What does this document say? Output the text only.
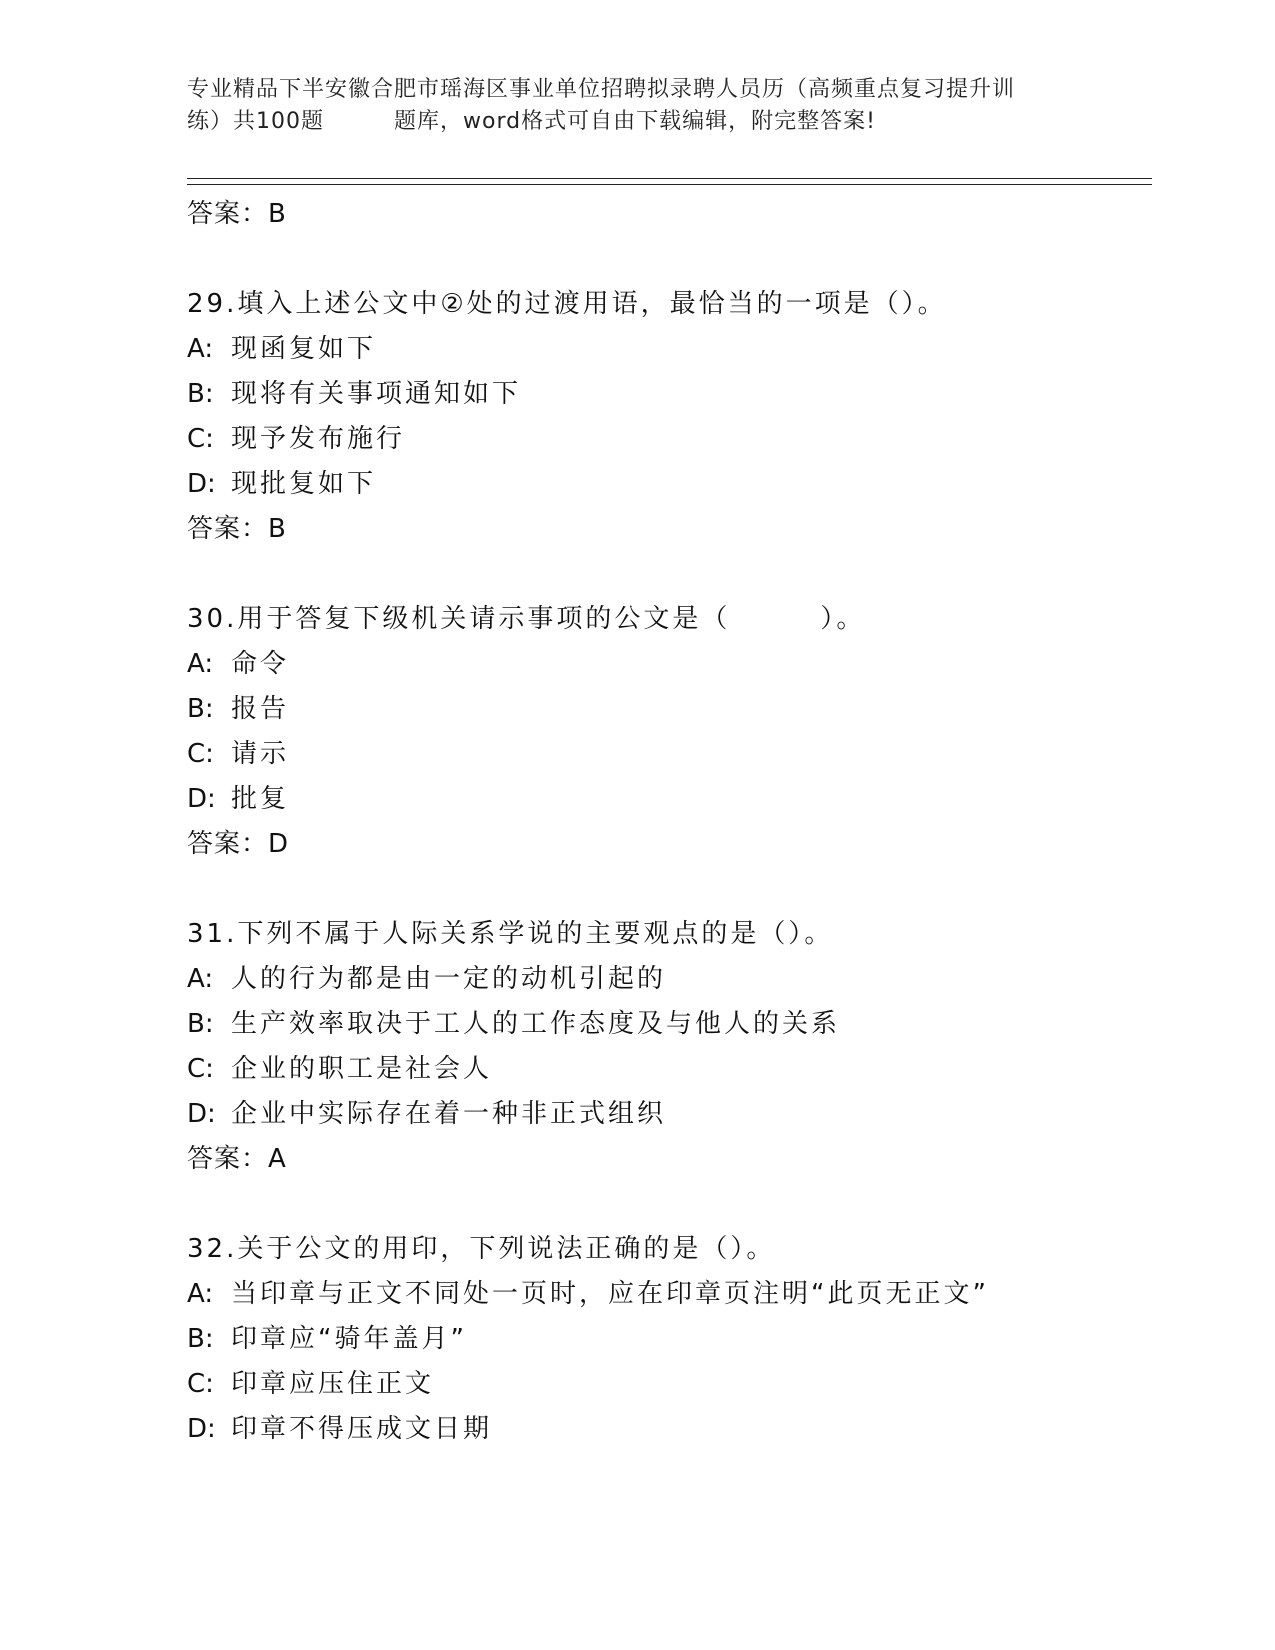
专业精品下半安徽合肥市瑶海区事业单位招聘拟录聘人员历（高频重点复习提升训
练）共100题	题库，word格式可自由下载编辑，附完整答案!
答案：B
29.填入上述公文中②处的过渡用语，最恰当的一项是（）。
A: 现函复如下
B: 现将有关事项通知如下
C: 现予发布施行
D: 现批复如下
答案：B
30.用于答复下级机关请示事项的公文是（	）。
A: 命令
B: 报告
C: 请示
D: 批复
答案：D
31.下列不属于人际关系学说的主要观点的是（）。
A: 人的行为都是由一定的动机引起的
B: 生产效率取决于工人的工作态度及与他人的关系
C: 企业的职工是社会人
D: 企业中实际存在着一种非正式组织
答案：A
32.关于公文的用印，下列说法正确的是（）。
A: 当印章与正文不同处一页时，应在印章页注明“此页无正文”
B: 印章应“骑年盖月”
C: 印章应压住正文
D: 印章不得压成文日期
